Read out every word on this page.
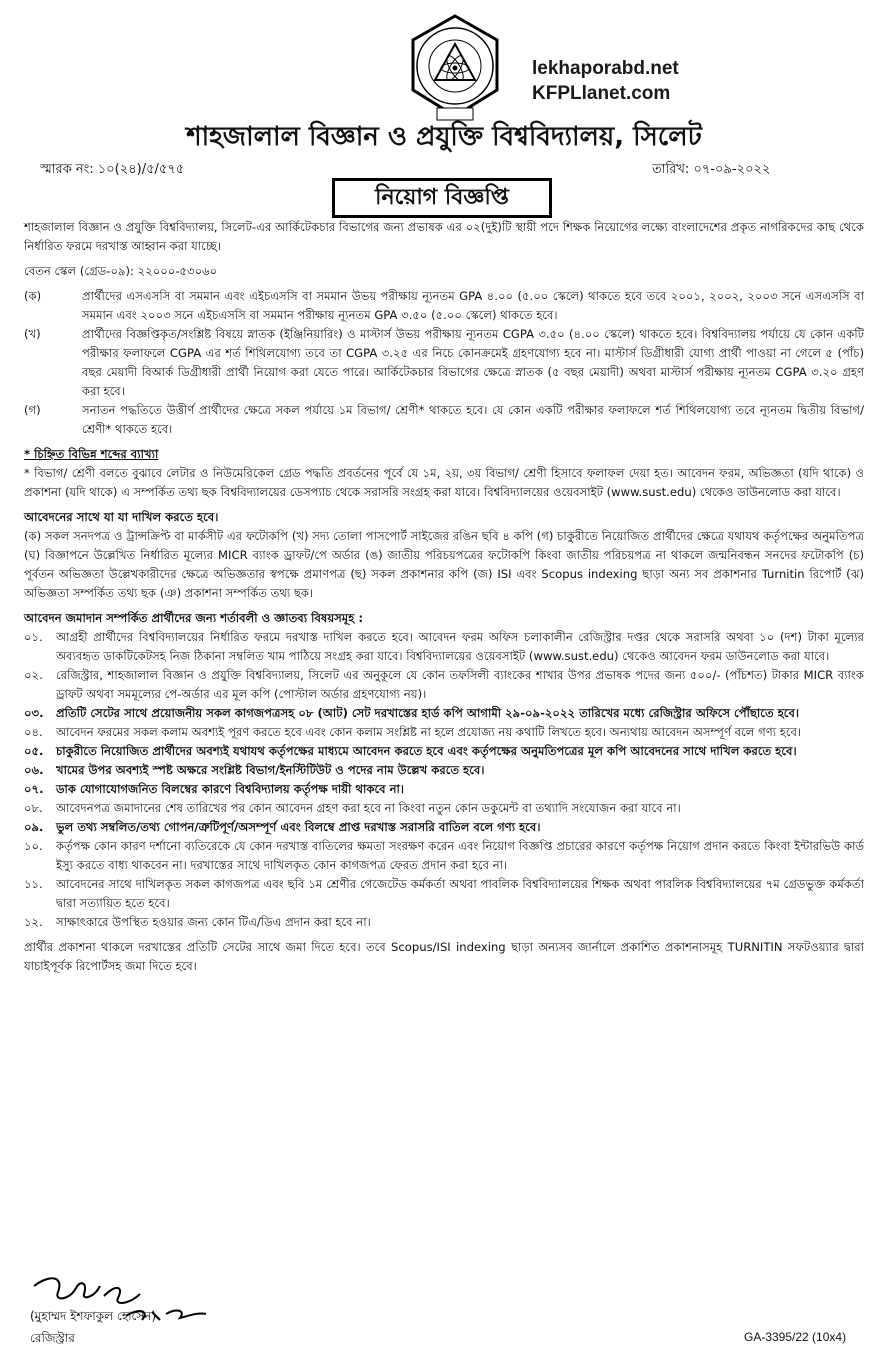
lekhaporabd.net
KFPLlanet.com
শাহজালাল বিজ্ঞান ও প্রযুক্তি বিশ্ববিদ্যালয়, সিলেট
স্মারক নং: ১০(২৪)/৫/৫৭৫	তারিখ: ০৭-০৯-২০২২
নিয়োগ বিজ্ঞপ্তি

শাহজালাল বিজ্ঞান ও প্রযুক্তি বিশ্ববিদ্যালয়, সিলেট-এর আর্কিটেকচার বিভাগের জন্য প্রভাষক এর ০২(দুই)টি স্থায়ী পদে শিক্ষক নিয়োগের লক্ষ্যে বাংলাদেশের প্রকৃত নাগরিকদের কাছ থেকে নির্ধারিত ফরমে দরখাস্ত আহ্বান করা যাচ্ছে।

বেতন স্কেল (গ্রেড-০৯): ২২০০০-৫৩০৬০

(ক)	প্রার্থীদের এসএসসি বা সমমান এবং এইচএসসি বা সমমান উভয় পরীক্ষায় ন্যূনতম GPA ৪.০০ (৫.০০ স্কেলে) থাকতে হবে তবে ২০০১, ২০০২, ২০০৩ সনে এসএসসি বা সমমান এবং ২০০৩ সনে এইচএসসি বা সমমান পরীক্ষায় ন্যূনতম GPA ৩.৫০ (৫.০০ স্কেলে) থাকতে হবে।
(খ)	প্রার্থীদের বিজ্ঞপ্তিকৃত/সংশ্লিষ্ট বিষয়ে স্নাতক (ইঞ্জিনিয়ারিং) ও মাস্টার্স উভয় পরীক্ষায় ন্যূনতম CGPA ৩.৫০ (৪.০০ স্কেলে) থাকতে হবে। বিশ্ববিদ্যালয় পর্যায়ে যে কোন একটি পরীক্ষার ফলাফলে CGPA এর শর্ত শিথিলযোগ্য তবে তা CGPA ৩.২৫ এর নিচে কোনক্রমেই গ্রহণযোগ্য হবে না। মাস্টার্স ডিগ্রীধারী যোগ্য প্রার্থী পাওয়া না গেলে ৫ (পাঁচ) বছর মেয়াদী বিআর্ক ডিগ্রীধারী প্রার্থী নিয়োগ করা যেতে পারে। আর্কিটেকচার বিভাগের ক্ষেত্রে স্নাতক (৫ বছর মেয়াদী) অথবা মাস্টার্স পরীক্ষায় ন্যূনতম CGPA ৩.২০ গ্রহণ করা হবে।
(গ)	সনাতন পদ্ধতিতে উত্তীর্ণ প্রার্থীদের ক্ষেত্রে সকল পর্যায়ে ১ম বিভাগ/ শ্রেণী* থাকতে হবে। যে কোন একটি পরীক্ষার ফলাফলে শর্ত শিথিলযোগ্য তবে ন্যূনতম দ্বিতীয় বিভাগ/ শ্রেণী* থাকতে হবে।

* চিহ্নিত বিভিন্ন শব্দের ব্যাখ্যা

* বিভাগ/ শ্রেণী বলতে বুঝাবে লেটার ও নিউমেরিকেল গ্রেড পদ্ধতি প্রবর্তনের পূর্বে যে ১ম, ২য়, ৩য় বিভাগ/ শ্রেণী হিসাবে ফলাফল দেয়া হত। আবেদন ফরম, অভিজ্ঞতা (যদি থাকে) ও প্রকাশনা (যদি থাকে) এ সম্পর্কিত তথ্য ছক বিশ্ববিদ্যালয়ের ডেসপ্যাচ থেকে সরাসরি সংগ্রহ করা যাবে। বিশ্ববিদ্যালয়ের ওয়েবসাইট (www.sust.edu) থেকেও ডাউনলোড করা যাবে।

আবেদনের সাথে যা যা দাখিল করতে হবে।

(ক) সকল সনদপত্র ও ট্রান্সক্রিপ্ট বা মার্কসীট এর ফটোকপি (খ) সদ্য তোলা পাসপোর্ট সাইজের রঙিন ছবি ৪ কপি (গ) চাকুরীতে নিয়োজিত প্রার্থীদের ক্ষেত্রে যথাযথ কর্তৃপক্ষের অনুমতিপত্র (ঘ) বিজ্ঞাপনে উল্লেখিত নির্ধারিত মূল্যের MICR ব্যাংক ড্রাফট/পে অর্ডার (ঙ) জাতীয় পরিচয়পত্রের ফটোকপি কিংবা জাতীয় পরিচয়পত্র না থাকলে জন্মনিবন্ধন সনদের ফটোকপি (চ) পূর্বতন অভিজ্ঞতা উল্লেখকারীদের ক্ষেত্রে অভিজ্ঞতার স্বপক্ষে প্রমাণপত্র (ছ) সকল প্রকাশনার কপি (জ) ISI এবং Scopus indexing ছাড়া অন্য সব প্রকাশনার Turnitin রিপোর্ট (ঝ) অভিজ্ঞতা সম্পর্কিত তথ্য ছক (ঞ) প্রকাশনা সম্পর্কিত তথ্য ছক।

আবেদন জমাদান সম্পর্কিত প্রার্থীদের জন্য শর্তাবলী ও জ্ঞাতব্য বিষয়সমূহ :

০১.	আগ্রহী প্রার্থীদের বিশ্ববিদ্যালয়ের নির্ধারিত ফরমে দরখাস্ত দাখিল করতে হবে। আবেদন ফরম অফিস চলাকালীন রেজিস্ট্রার দপ্তর থেকে সরাসরি অথবা ১০ (দশ) টাকা মূল্যের অব্যবহৃত ডাকটিকেটসহ নিজ ঠিকানা সম্বলিত খাম পাঠিয়ে সংগ্রহ করা যাবে। বিশ্ববিদ্যালয়ের ওয়েবসাইট (www.sust.edu) থেকেও আবেদন ফরম ডাউনলোড করা যাবে।
০২.	রেজিস্ট্রার, শাহজালাল বিজ্ঞান ও প্রযুক্তি বিশ্ববিদ্যালয়, সিলেট এর অনুকূলে যে কোন তফসিলী ব্যাংকের শাখার উপর প্রভাষক পদের জন্য ৫০০/- (পাঁচশত) টাকার MICR ব্যাংক ড্রাফট অথবা সমমূল্যের পে-অর্ডার এর মূল কপি (পোস্টাল অর্ডার গ্রহণযোগ্য নয়)।
০৩.	প্রতিটি সেটের সাথে প্রয়োজনীয় সকল কাগজপত্রসহ ০৮ (আট) সেট দরখাস্তের হার্ড কপি আগামী ২৯-০৯-২০২২ তারিখের মধ্যে রেজিস্ট্রার অফিসে পৌঁছাতে হবে।
০৪.	আবেদন ফরমের সকল কলাম অবশ্যই পূরণ করতে হবে এবং কোন কলাম সংশ্লিষ্ট না হলে প্রযোজ্য নয় কথাটি লিখতে হবে। অন্যথায় আবেদন অসম্পূর্ণ বলে গণ্য হবে।
০৫.	চাকুরীতে নিয়োজিত প্রার্থীদের অবশ্যই যথাযথ কর্তৃপক্ষের মাধ্যমে আবেদন করতে হবে এবং কর্তৃপক্ষের অনুমতিপত্রের মূল কপি আবেদনের সাথে দাখিল করতে হবে।
০৬.	খামের উপর অবশ্যই স্পষ্ট অক্ষরে সংশ্লিষ্ট বিভাগ/ইনস্টিটিউট ও পদের নাম উল্লেখ করতে হবে।
০৭.	ডাক যোগাযোগজনিত বিলম্বের কারণে বিশ্ববিদ্যালয় কর্তৃপক্ষ দায়ী থাকবে না।
০৮.	আবেদনপত্র জমাদানের শেষ তারিখের পর কোন আবেদন গ্রহণ করা হবে না কিংবা নতুন কোন ডকুমেন্ট বা তথ্যাদি সংযোজন করা যাবে না।
০৯.	ভুল তথ্য সম্বলিত/তথ্য গোপন/ত্রুটিপূর্ণ/অসম্পূর্ণ এবং বিলম্বে প্রাপ্ত দরখাস্ত সরাসরি বাতিল বলে গণ্য হবে।
১০.	কর্তৃপক্ষ কোন কারণ দর্শানো ব্যতিরেকে যে কোন দরখাস্ত বাতিলের ক্ষমতা সংরক্ষণ করেন এবং নিয়োগ বিজ্ঞপ্তি প্রচারের কারণে কর্তৃপক্ষ নিয়োগ প্রদান করতে কিংবা ইন্টারভিউ কার্ড ইস্যু করতে বাধ্য থাকবেন না। দরখাস্তের সাথে দাখিলকৃত কোন কাগজপত্র ফেরত প্রদান করা হবে না।
১১.	আবেদনের সাথে দাখিলকৃত সকল কাগজপত্র এবং ছবি ১ম শ্রেণীর গেজেটেড কর্মকর্তা অথবা পাবলিক বিশ্ববিদ্যালয়ের শিক্ষক অথবা পাবলিক বিশ্ববিদ্যালয়ের ৭ম গ্রেডভুক্ত কর্মকর্তা দ্বারা সত্যায়িত হতে হবে।
১২.	সাক্ষাৎকারে উপস্থিত হওয়ার জন্য কোন টিএ/ডিএ প্রদান করা হবে না।

প্রার্থীর প্রকাশনা থাকলে দরখাস্তের প্রতিটি সেটের সাথে জমা দিতে হবে। তবে Scopus/ISI indexing ছাড়া অন্যসব জার্নালে প্রকাশিত প্রকাশনাসমূহ TURNITIN সফটওয়্যার দ্বারা যাচাইপূর্বক রিপোর্টসহ জমা দিতে হবে।

(মুহাম্মদ ইশফাকুল হোসেন)
রেজিস্ট্রার	GA-3395/22 (10x4)
